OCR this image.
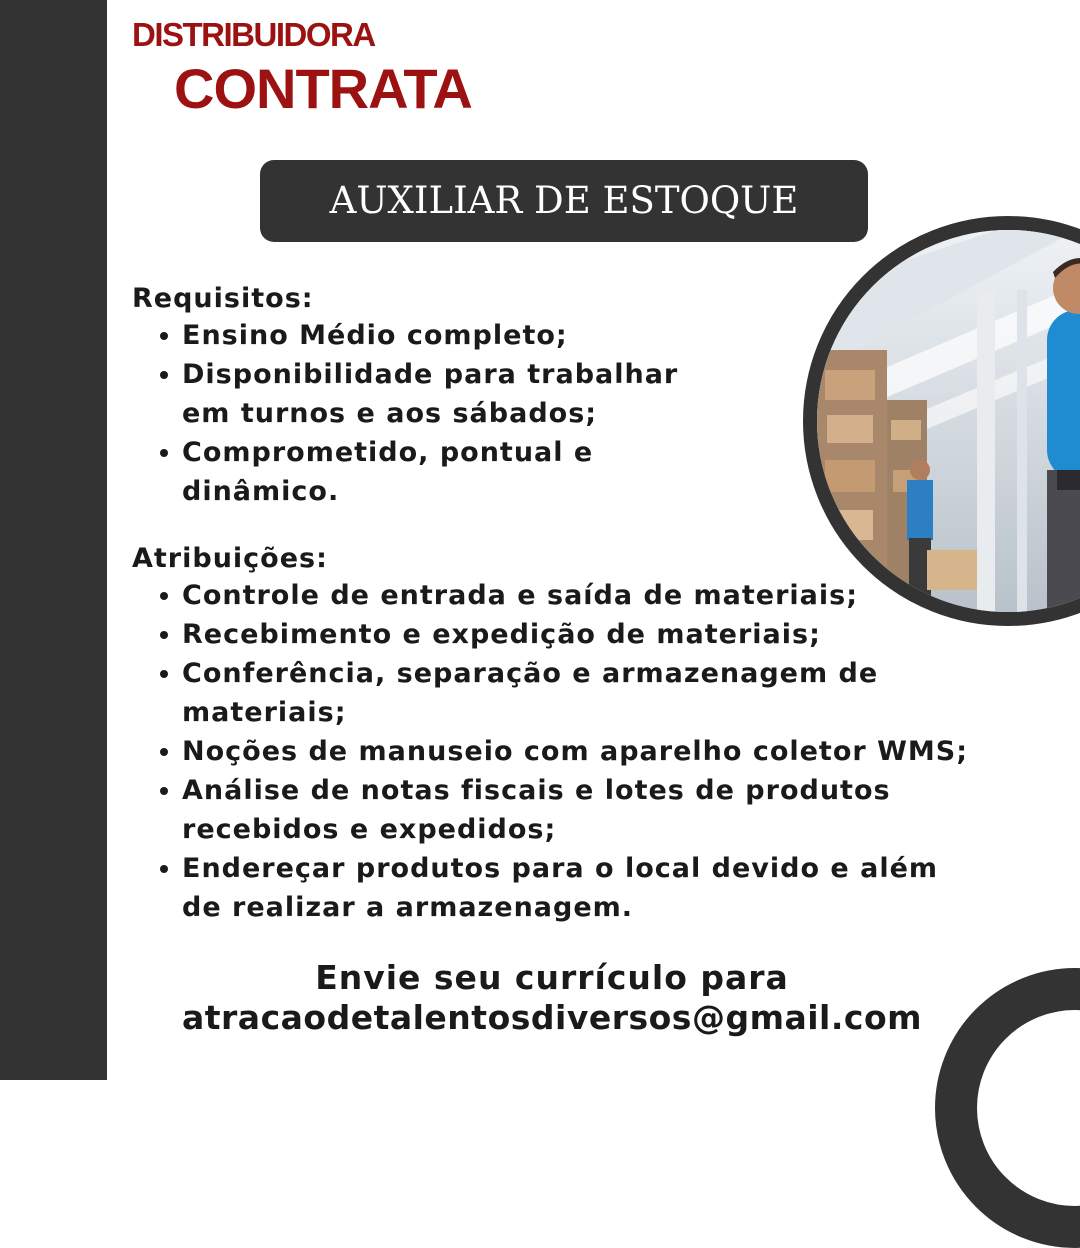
DISTRIBUIDORA
CONTRATA
AUXILIAR DE ESTOQUE
Requisitos:
Ensino Médio completo;
Disponibilidade para trabalhar
em turnos e aos sábados;
Comprometido, pontual e
dinâmico.
Atribuições:
Controle de entrada e saída de materiais;
Recebimento e expedição de materiais;
Conferência, separação e armazenagem de
materiais;
Noções de manuseio com aparelho coletor WMS;
Análise de notas fiscais e lotes de produtos
recebidos e expedidos;
Endereçar produtos para o local devido e além
de realizar a armazenagem.
Envie seu currículo para
atracaodetalentosdiversos@gmail.com
